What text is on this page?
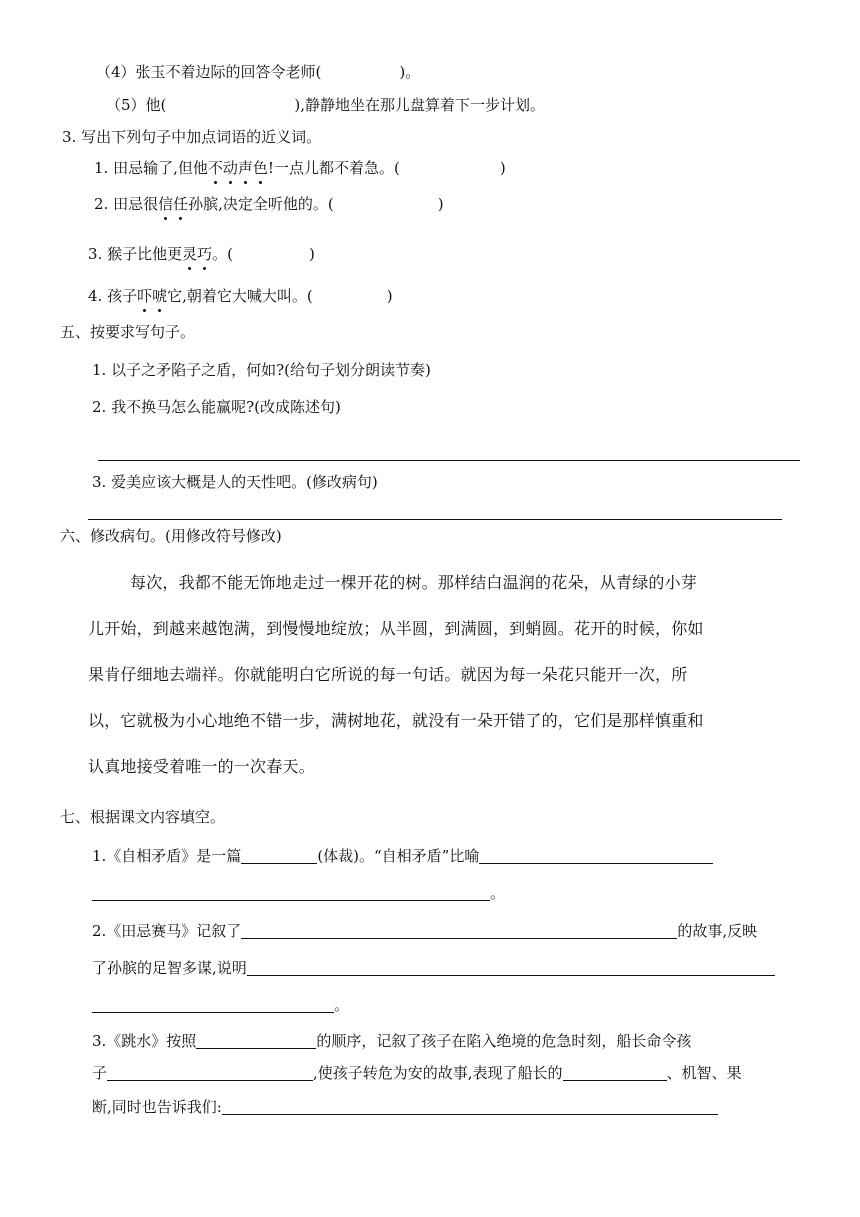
（4）张玉不着边际的回答令老师(	)。
（5）他(	),静静地坐在那儿盘算着下一步计划。
3. 写出下列句子中加点词语的近义词。
1. 田忌输了,但他不动声色!一点儿都不着急。(	)
2. 田忌很信任孙膑,决定全听他的。(	)
3. 猴子比他更灵巧。(	)
4. 孩子吓唬它,朝着它大喊大叫。(	)
五、按要求写句子。
1. 以子之矛陷子之盾，何如?(给句子划分朗读节奏)
2. 我不换马怎么能赢呢?(改成陈述句)
3. 爱美应该大概是人的天性吧。(修改病句)
六、修改病句。(用修改符号修改)
每次，我都不能无饰地走过一棵开花的树。那样结白温润的花朵，从青绿的小芽
儿开始，到越来越饱满，到慢慢地绽放；从半圆，到满圆，到蛸圆。花开的时候，你如
果肯仔细地去端祥。你就能明白它所说的每一句话。就因为每一朵花只能开一次，所
以，它就极为小心地绝不错一步，满树地花，就没有一朵开错了的，它们是那样慎重和
认真地接受着唯一的一次春天。
七、根据课文内容填空。
1.《自相矛盾》是一篇	(体裁)。“自相矛盾”比喻
。
2.《田忌赛马》记叙了	的故事,反映
了孙膑的足智多谋,说明
。
3.《跳水》按照	的顺序，记叙了孩子在陷入绝境的危急时刻，船长命令孩
子	,使孩子转危为安的故事,表现了船长的	、机智、果
断,同时也告诉我们:
